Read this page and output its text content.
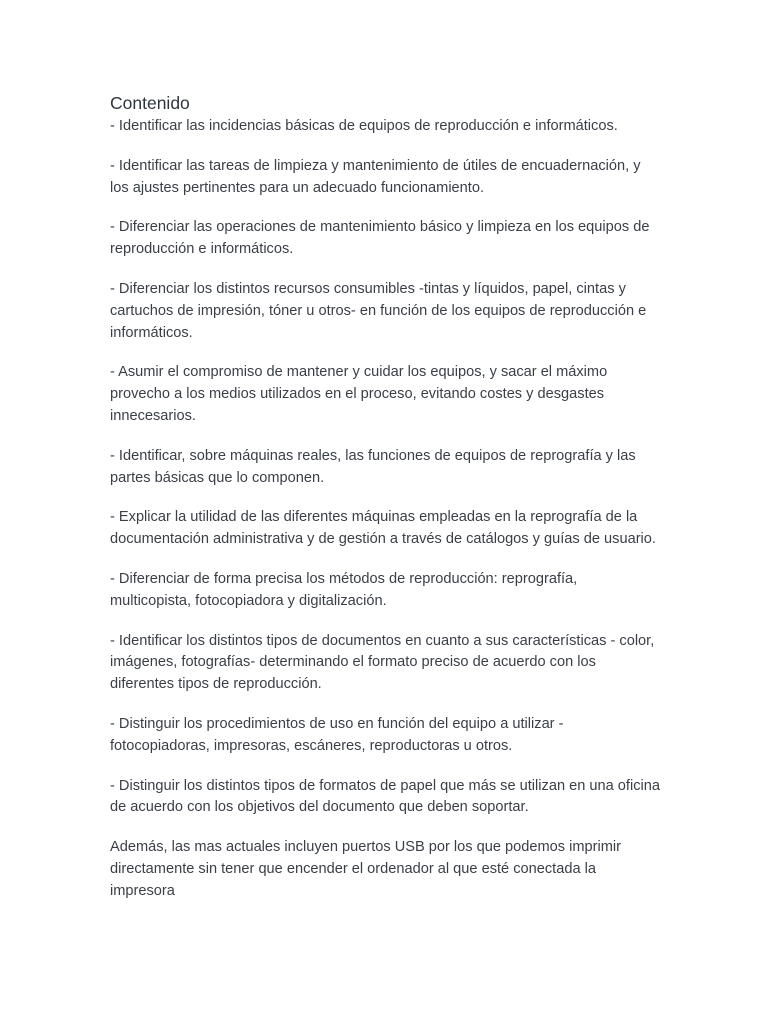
Contenido

- Identificar las incidencias básicas de equipos de reproducción e informáticos.

- Identificar las tareas de limpieza y mantenimiento de útiles de encuadernación, y los ajustes pertinentes para un adecuado funcionamiento.

- Diferenciar las operaciones de mantenimiento básico y limpieza en los equipos de reproducción e informáticos.

- Diferenciar los distintos recursos consumibles -tintas y líquidos, papel, cintas y cartuchos de impresión, tóner u otros- en función de los equipos de reproducción e informáticos.

- Asumir el compromiso de mantener y cuidar los equipos, y sacar el máximo provecho a los medios utilizados en el proceso, evitando costes y desgastes innecesarios.

- Identificar, sobre máquinas reales, las funciones de equipos de reprografía y las partes básicas que lo componen.

- Explicar la utilidad de las diferentes máquinas empleadas en la reprografía de la documentación administrativa y de gestión a través de catálogos y guías de usuario.

- Diferenciar de forma precisa los métodos de reproducción: reprografía, multicopista, fotocopiadora y digitalización.

- Identificar los distintos tipos de documentos en cuanto a sus características - color, imágenes, fotografías- determinando el formato preciso de acuerdo con los diferentes tipos de reproducción.

- Distinguir los procedimientos de uso en función del equipo a utilizar - fotocopiadoras, impresoras, escáneres, reproductoras u otros.

- Distinguir los distintos tipos de formatos de papel que más se utilizan en una oficina de acuerdo con los objetivos del documento que deben soportar.

Además, las mas actuales incluyen puertos USB por los que podemos imprimir directamente sin tener que encender el ordenador al que esté conectada la impresora
